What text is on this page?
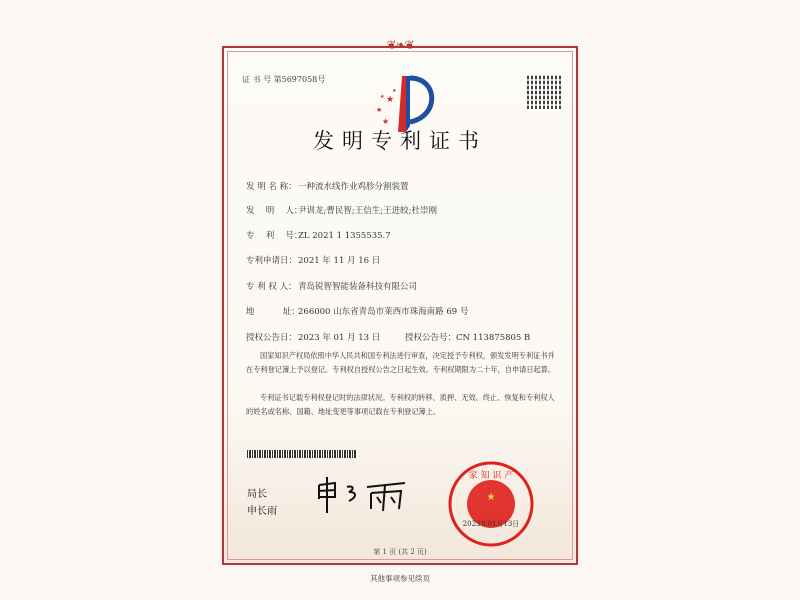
❦❧❦
证 书 号 第5697058号
★
★
★
★
★
发明专利证书
发 明 名 称：一种流水线作业鸡胗分割装置
发　 明　 人：尹训龙;曹民智;王信生;王进皎;杜崇刚
专　 利　 号：ZL 2021 1 1355535.7
专利申请日：2021 年 11 月 16 日
专 利 权 人：青岛锐智智能装备科技有限公司
地　　　 址：266000 山东省青岛市莱西市珠海南路 69 号
授权公告日：2023 年 01 月 13 日	授权公告号：CN 113875805 B
国家知识产权局依照中华人民共和国专利法进行审查，决定授予专利权，颁发发明专利证书并在专利登记簿上予以登记。专利权自授权公告之日起生效。专利权期限为二十年，自申请日起算。
专利证书记载专利权登记时的法律状况。专利权的转移、质押、无效、终止、恢复和专利权人的姓名或名称、国籍、地址变更等事项记载在专利登记簿上。
局长
申长雨
★
家 知 识 产
2023年01月13日
第 1 页 (共 2 页)
其他事项参见续页
